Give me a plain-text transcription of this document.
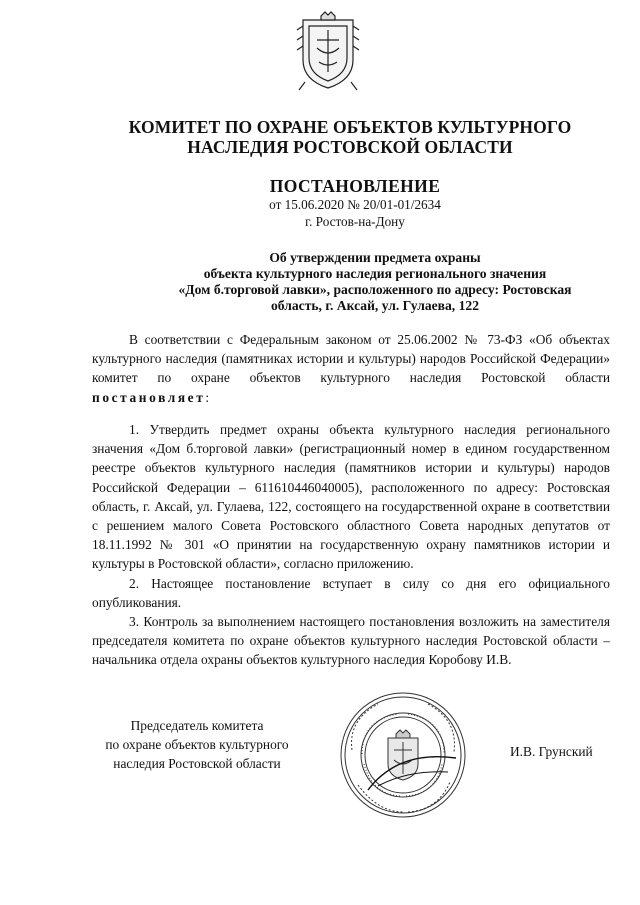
КОМИТЕТ ПО ОХРАНЕ ОБЪЕКТОВ КУЛЬТУРНОГО
НАСЛЕДИЯ РОСТОВСКОЙ ОБЛАСТИ
ПОСТАНОВЛЕНИЕ
от 15.06.2020 № 20/01-01/2634
г. Ростов-на-Дону
Об утверждении предмета охраны
объекта культурного наследия регионального значения
«Дом б.торговой лавки», расположенного по адресу: Ростовская
область, г. Аксай, ул. Гулаева, 122

В соответствии с Федеральным законом от 25.06.2002 № 73-ФЗ «Об объектах культурного наследия (памятниках истории и культуры) народов Российской Федерации» комитет по охране объектов культурного наследия Ростовской области постановляет:

1. Утвердить предмет охраны объекта культурного наследия регионального значения «Дом б.торговой лавки» (регистрационный номер в едином государственном реестре объектов культурного наследия (памятников истории и культуры) народов Российской Федерации – 611610446040005), расположенного по адресу: Ростовская область, г. Аксай, ул. Гулаева, 122, состоящего на государственной охране в соответствии с решением малого Совета Ростовского областного Совета народных депутатов от 18.11.1992 № 301 «О принятии на государственную охрану памятников истории и культуры в Ростовской области», согласно приложению.

2. Настоящее постановление вступает в силу со дня его официального опубликования.

3. Контроль за выполнением настоящего постановления возложить на заместителя председателя комитета по охране объектов культурного наследия Ростовской области – начальника отдела охраны объектов культурного наследия Коробову И.В.

Председатель комитета
по охране объектов культурного
наследия Ростовской области
И.В. Грунский
